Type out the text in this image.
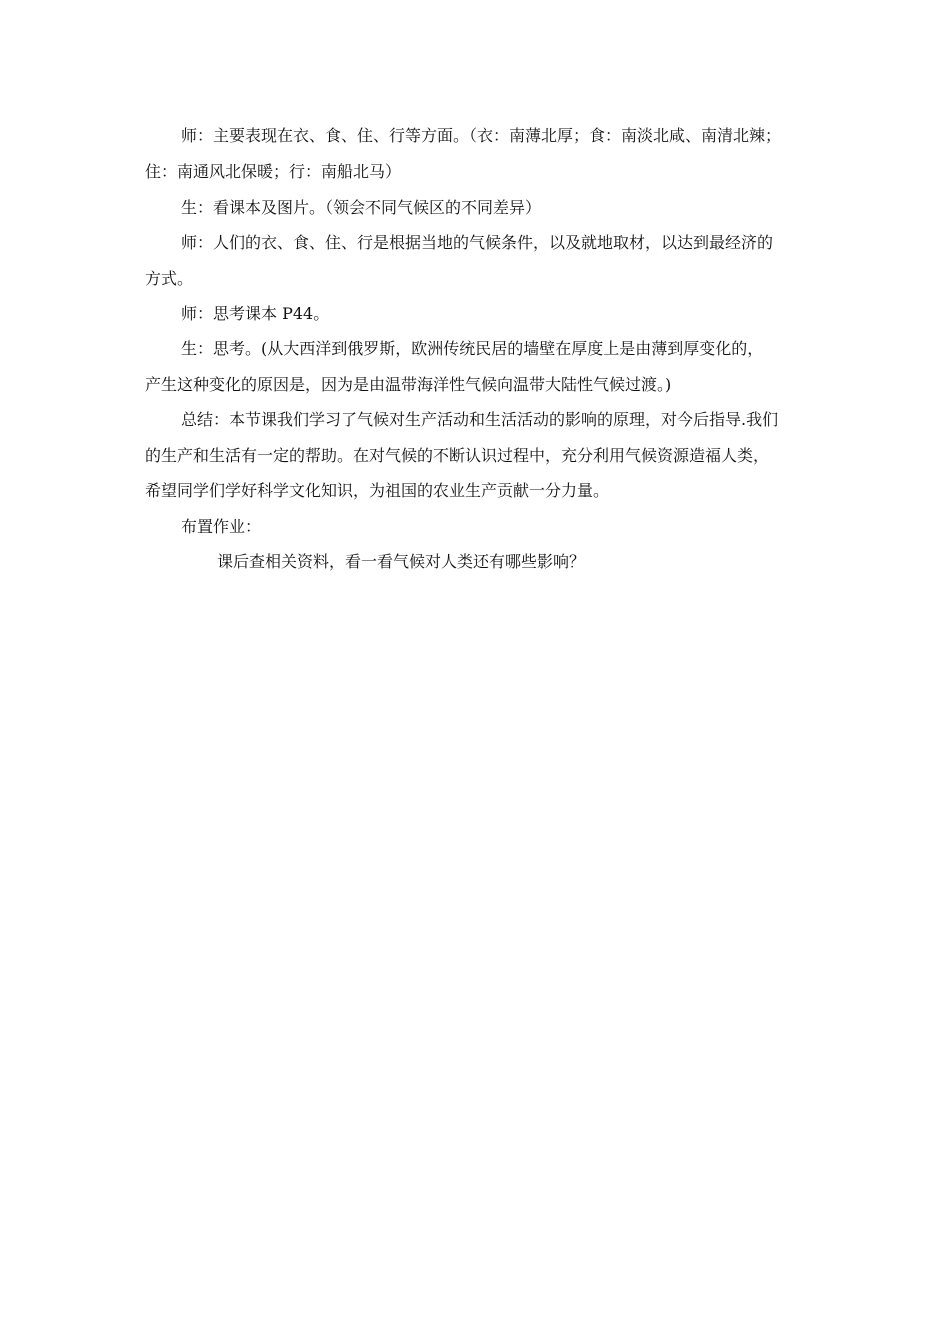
师：主要表现在衣、食、住、行等方面。（衣：南薄北厚；食：南淡北咸、南清北辣；
住：南通风北保暖；行：南船北马）
生：看课本及图片。（领会不同气候区的不同差异）
师：人们的衣、食、住、行是根据当地的气候条件，以及就地取材，以达到最经济的
方式。
师：思考课本 P44。
生：思考。(从大西洋到俄罗斯，欧洲传统民居的墙壁在厚度上是由薄到厚变化的，
产生这种变化的原因是，因为是由温带海洋性气候向温带大陆性气候过渡。)
总结：本节课我们学习了气候对生产活动和生活活动的影响的原理，对今后指导.我们
的生产和生活有一定的帮助。在对气候的不断认识过程中，充分利用气候资源造福人类，
希望同学们学好科学文化知识，为祖国的农业生产贡献一分力量。
布置作业：
课后查相关资料，看一看气候对人类还有哪些影响？
